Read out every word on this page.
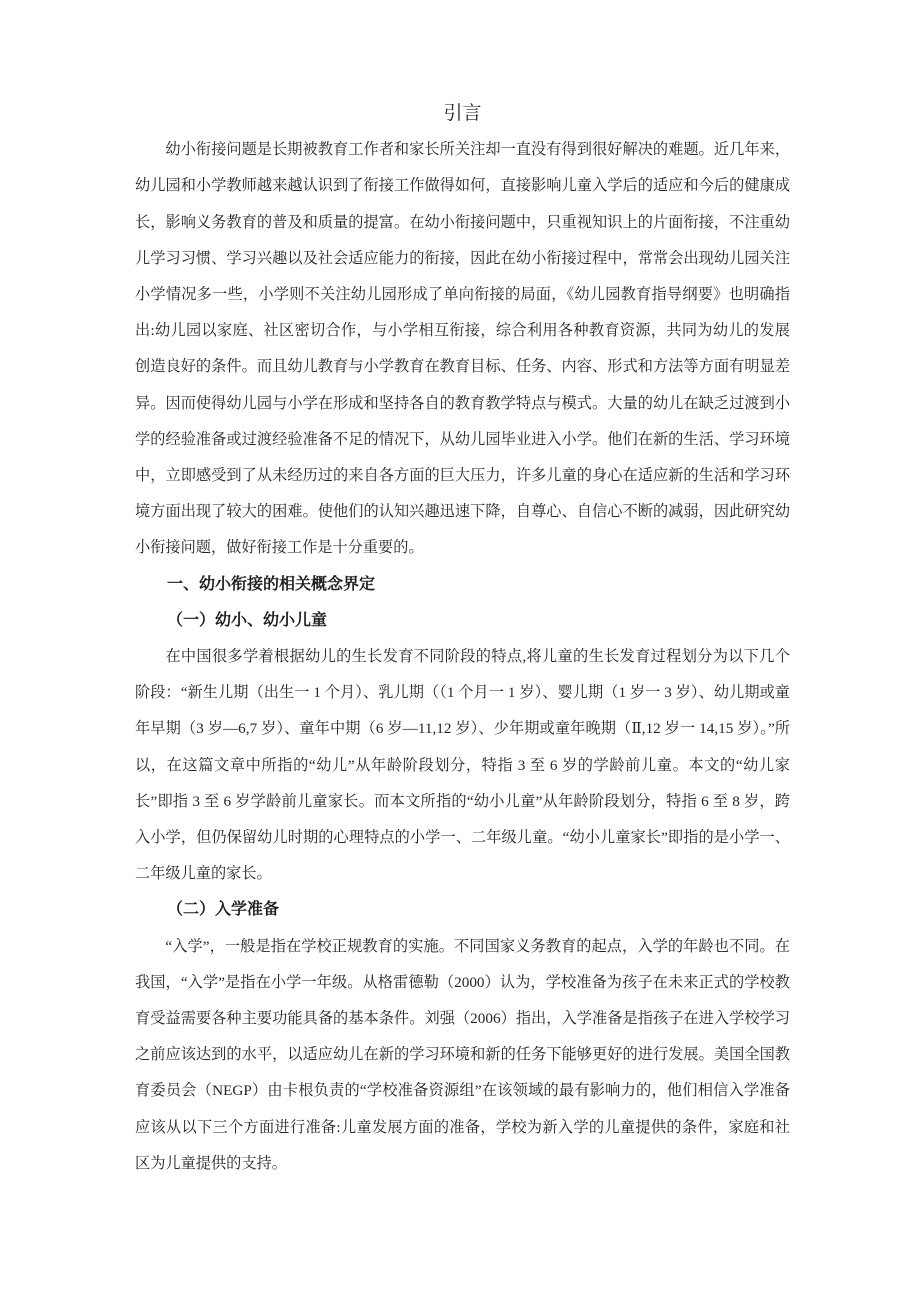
引言

幼小衔接问题是长期被教育工作者和家长所关注却一直没有得到很好解决的难题。近几年来，幼儿园和小学教师越来越认识到了衔接工作做得如何，直接影响儿童入学后的适应和今后的健康成长，影响义务教育的普及和质量的提富。在幼小衔接问题中，只重视知识上的片面衔接，不注重幼儿学习习惯、学习兴趣以及社会适应能力的衔接，因此在幼小衔接过程中，常常会出现幼儿园关注小学情况多一些，小学则不关注幼儿园形成了单向衔接的局面，《幼儿园教育指导纲要》也明确指出:幼儿园以家庭、社区密切合作，与小学相互衔接，综合利用各种教育资源，共同为幼儿的发展创造良好的条件。而且幼儿教育与小学教育在教育目标、任务、内容、形式和方法等方面有明显差异。因而使得幼儿园与小学在形成和坚持各自的教育教学特点与模式。大量的幼儿在缺乏过渡到小学的经验准备或过渡经验准备不足的情况下，从幼儿园毕业进入小学。他们在新的生活、学习环境中，立即感受到了从未经历过的来自各方面的巨大压力，许多儿童的身心在适应新的生活和学习环境方面出现了较大的困难。使他们的认知兴趣迅速下降，自尊心、自信心不断的减弱，因此研究幼小衔接问题，做好衔接工作是十分重要的。

一、幼小衔接的相关概念界定
（一）幼小、幼小儿童

在中国很多学着根据幼儿的生长发育不同阶段的特点,将儿童的生长发育过程划分为以下几个阶段：“新生儿期（出生一 1 个月）、乳儿期（（1 个月一 1 岁）、婴儿期（1 岁一 3 岁）、幼儿期或童年早期（3 岁—6,7 岁）、童年中期（6 岁—11,12 岁）、少年期或童年晚期（Ⅱ,12 岁一 14,15 岁）。”所以，在这篇文章中所指的“幼儿”从年龄阶段划分，特指 3 至 6 岁的学龄前儿童。本文的“幼儿家长”即指 3 至 6 岁学龄前儿童家长。而本文所指的“幼小儿童”从年龄阶段划分，特指 6 至 8 岁，跨入小学，但仍保留幼儿时期的心理特点的小学一、二年级儿童。“幼小儿童家长”即指的是小学一、二年级儿童的家长。

（二）入学准备

“入学”，一般是指在学校正规教育的实施。不同国家义务教育的起点，入学的年龄也不同。在我国，“入学”是指在小学一年级。从格雷德勒（2000）认为，学校准备为孩子在未来正式的学校教育受益需要各种主要功能具备的基本条件。刘强（2006）指出，入学准备是指孩子在进入学校学习之前应该达到的水平，以适应幼儿在新的学习环境和新的任务下能够更好的进行发展。美国全国教育委员会（NEGP）由卡根负责的“学校准备资源组”在该领域的最有影响力的，他们相信入学准备应该从以下三个方面进行准备:儿童发展方面的准备，学校为新入学的儿童提供的条件，家庭和社区为儿童提供的支持。
